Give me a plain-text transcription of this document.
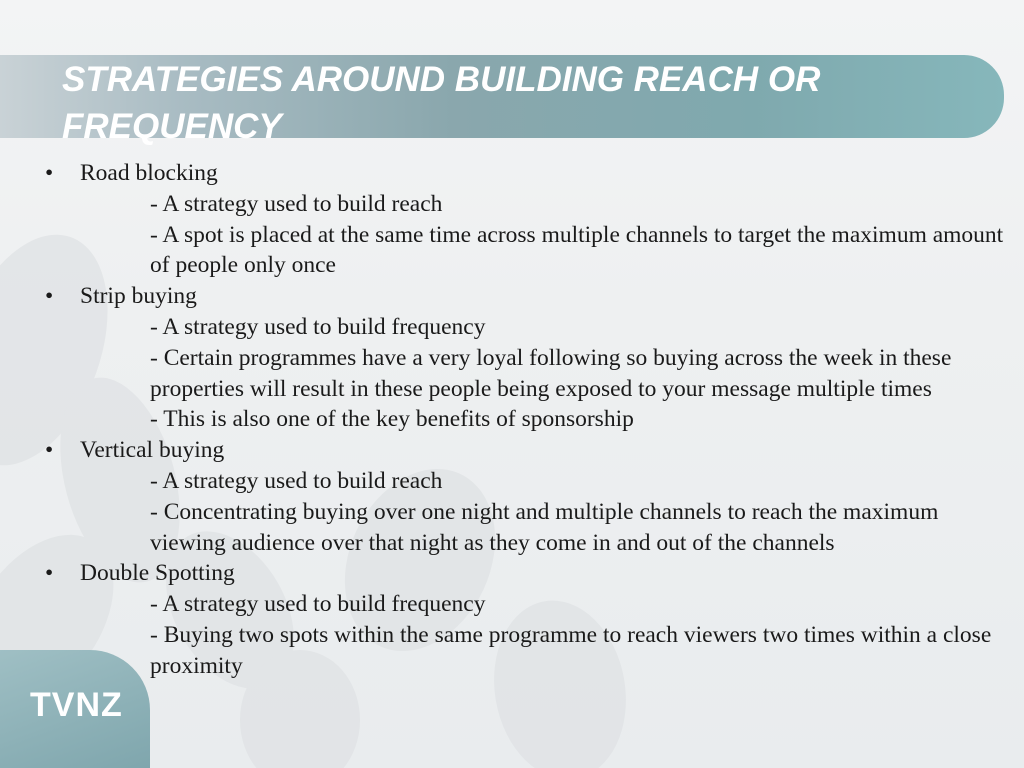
STRATEGIES AROUND BUILDING REACH OR FREQUENCY
• Road blocking
- A strategy used to build reach
- A spot is placed at the same time across multiple channels to target the maximum amount of people only once
• Strip buying
- A strategy used to build frequency
- Certain programmes have a very loyal following so buying across the week in these properties will result in these people being exposed to your message multiple times
- This is also one of the key benefits of sponsorship
• Vertical buying
- A strategy used to build reach
- Concentrating buying over one night and multiple channels to reach the maximum viewing audience over that night as they come in and out of the channels
• Double Spotting
- A strategy used to build frequency
- Buying two spots within the same programme to reach viewers two times within a close proximity
TVNZ
